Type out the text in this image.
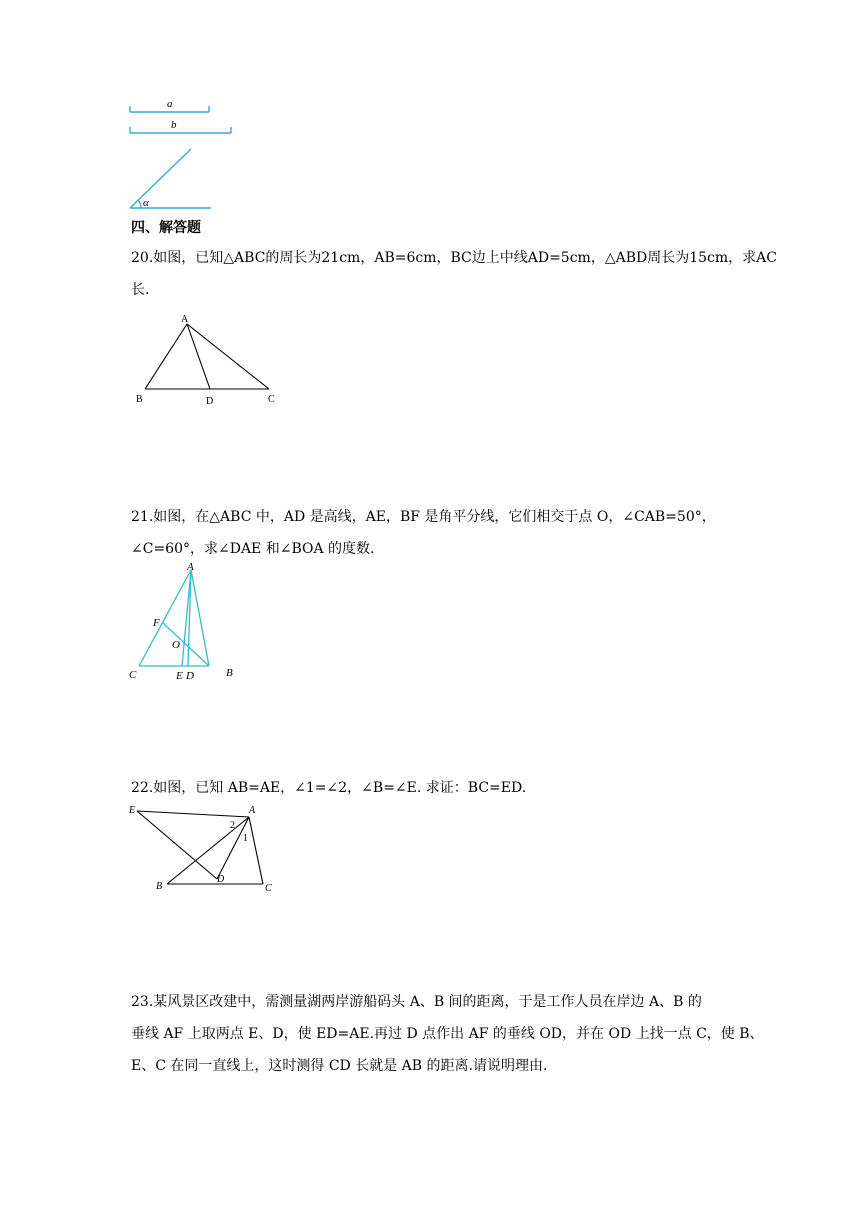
a
b
α
四、解答题
20.如图，已知△ABC的周长为21cm，AB=6cm，BC边上中线AD=5cm，△ABD周长为15cm，求AC
长.
A
B	D	C
21.如图，在△ABC 中，AD 是高线，AE，BF 是角平分线，它们相交于点 O，∠CAB=50°，
∠C=60°，求∠DAE 和∠BOA 的度数.
A
F
O
C	E D	B
22.如图，已知 AB=AE，∠1=∠2，∠B=∠E. 求证：BC=ED.
E	A
2
1
D
B	C
23.某风景区改建中，需测量湖两岸游船码头 A、B 间的距离，于是工作人员在岸边 A、B 的
垂线 AF 上取两点 E、D，使 ED=AE.再过 D 点作出 AF 的垂线 OD，并在 OD 上找一点 C，使 B、
E、C 在同一直线上，这时测得 CD 长就是 AB 的距离.请说明理由.
